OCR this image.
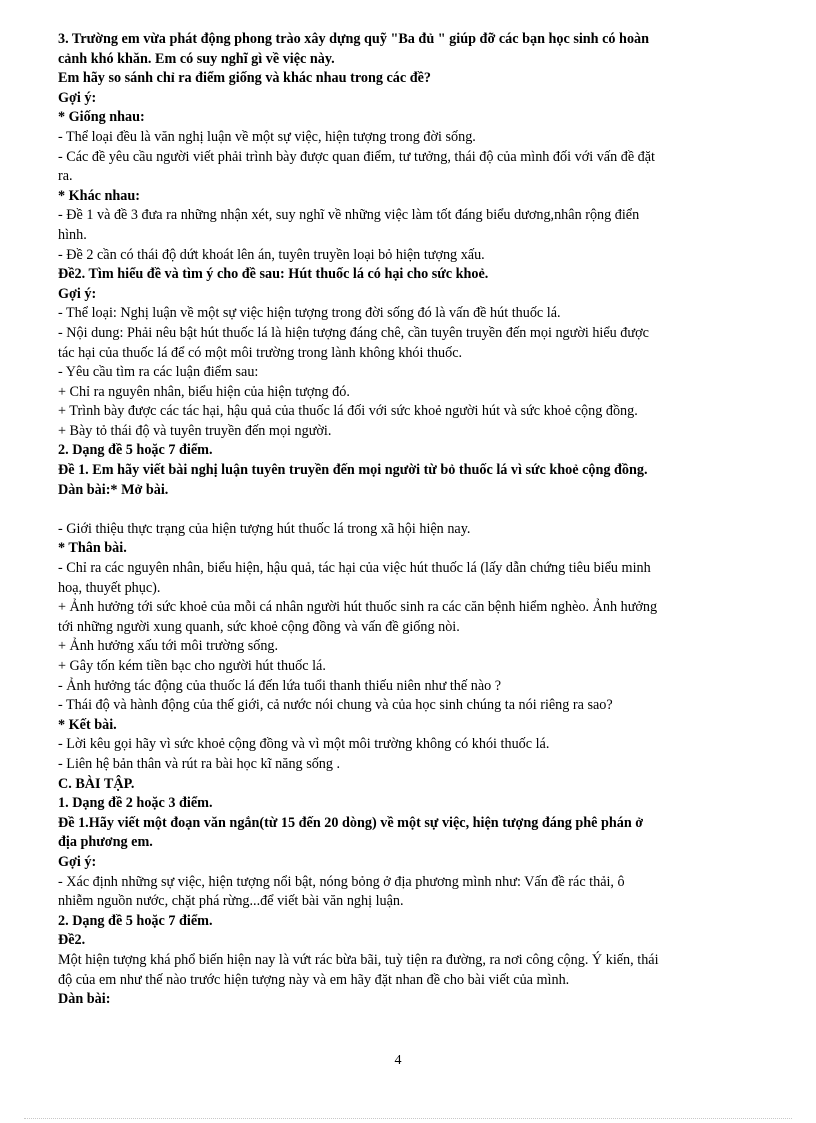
3. Trường em vừa phát động phong trào xây dựng quỹ "Ba đủ " giúp đỡ các bạn học sinh có hoàn
cảnh khó khăn. Em có suy nghĩ gì về việc này.
Em hãy so sánh chỉ ra điểm giống và khác nhau trong các đề?
Gợi ý:
* Giống nhau:
- Thể loại đều là văn nghị luận về một sự việc, hiện tượng trong đời sống.
- Các đề yêu cầu người viết phải trình bày được quan điểm, tư tưởng, thái độ của mình đối với vấn đề đặt
ra.
* Khác nhau:
- Đề 1 và đề 3 đưa ra những nhận xét, suy nghĩ về những việc làm tốt đáng biểu dương,nhân rộng điển
hình.
- Đề 2 cần có thái độ dứt khoát lên án, tuyên truyền loại bỏ hiện tượng xấu.
Đề2. Tìm hiểu đề và tìm ý cho đề sau: Hút thuốc lá có hại cho sức khoẻ.
Gợi ý:
- Thể loại: Nghị luận về một sự việc hiện tượng trong đời sống đó là vấn đề hút thuốc lá.
- Nội dung: Phải nêu bật hút thuốc lá là hiện tượng đáng chê, cần tuyên truyền đến mọi người hiểu được
tác hại của thuốc lá để có một môi trường trong lành không khói thuốc.
- Yêu cầu tìm ra các luận điểm sau:
+ Chỉ ra nguyên nhân, biểu hiện của hiện tượng đó.
+ Trình bày được các tác hại, hậu quả của thuốc lá đối với sức khoẻ người hút và sức khoẻ cộng đồng.
+ Bày tỏ thái độ và tuyên truyền đến mọi người.
2. Dạng đề 5 hoặc 7 điểm.
Đề 1. Em hãy viết bài nghị luận tuyên truyền đến mọi người từ bỏ thuốc lá vì sức khoẻ cộng đồng.
Dàn bài:* Mở bài.
- Giới thiệu thực trạng của hiện tượng hút thuốc lá trong xã hội hiện nay.
* Thân bài.
- Chỉ ra các nguyên nhân, biểu hiện, hậu quả, tác hại của việc hút thuốc lá (lấy dẫn chứng tiêu biểu minh
hoạ, thuyết phục).
+ Ảnh hưởng tới sức khoẻ của mỗi cá nhân người hút thuốc sinh ra các căn bệnh hiểm nghèo. Ảnh hưởng
tới những người xung quanh, sức khoẻ cộng đồng và vấn đề giống nòi.
+ Ảnh hưởng xấu tới môi trường sống.
+ Gây tốn kém tiền bạc cho người hút thuốc lá.
- Ảnh hưởng tác động của thuốc lá đến lứa tuổi thanh thiếu niên như thế nào ?
- Thái độ và hành động của thế giới, cả nước nói chung và của học sinh chúng ta nói riêng ra sao?
* Kết bài.
- Lời kêu gọi hãy vì sức khoẻ cộng đồng và vì một môi trường không có khói thuốc lá.
- Liên hệ bản thân và rút ra bài học kĩ năng sống .
C. BÀI TẬP.
1. Dạng đề 2 hoặc 3 điểm.
Đề 1.Hãy viết một đoạn văn ngắn(từ 15 đến 20 dòng) về một sự việc, hiện tượng đáng phê phán ở
địa phương em.
Gợi ý:
- Xác định những sự việc, hiện tượng nổi bật, nóng bỏng ở địa phương mình như: Vấn đề rác thải, ô
nhiễm nguồn nước, chặt phá rừng...để viết bài văn nghị luận.
2. Dạng đề 5 hoặc 7 điểm.
Đề2.
Một hiện tượng khá phổ biến hiện nay là vứt rác bừa bãi, tuỳ tiện ra đường, ra nơi công cộng. Ý kiến, thái
độ của em như thế nào trước hiện tượng này và em hãy đặt nhan đề cho bài viết của mình.
Dàn bài:
4
